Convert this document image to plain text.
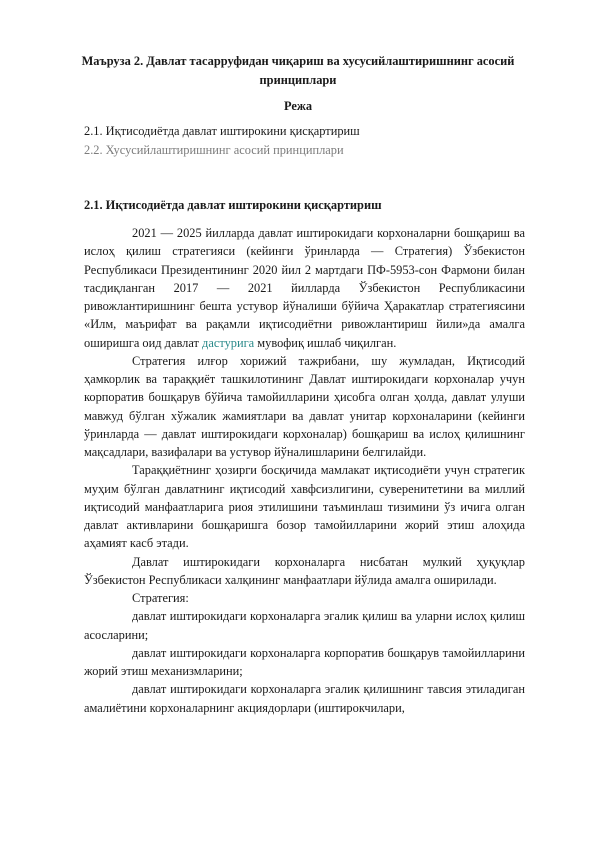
Маъруза 2. Давлат тасарруфидан чиқариш ва хусусийлаштиришнинг асосий принциплари
Режа
2.1. Иқтисодиётда давлат иштирокини қисқартириш
2.2. Хусусийлаштиришнинг асосий принциплари
2.1. Иқтисодиётда давлат иштирокини қисқартириш

2021 — 2025 йилларда давлат иштирокидаги корхоналарни бошқариш ва ислоҳ қилиш стратегияси (кейинги ўринларда — Стратегия) Ўзбекистон Республикаси Президентининг 2020 йил 2 мартдаги ПФ-5953-сон Фармони билан тасдиқланган 2017 — 2021 йилларда Ўзбекистон Республикасини ривожлантиришнинг бешта устувор йўналиши бўйича Ҳаракатлар стратегиясини «Илм, маърифат ва рақамли иқтисодиётни ривожлантириш йили»да амалга оширишга оид давлат дастурига мувофиқ ишлаб чиқилган.

Стратегия илғор хорижий тажрибани, шу жумладан, Иқтисодий ҳамкорлик ва тараққиёт ташкилотининг Давлат иштирокидаги корхоналар учун корпоратив бошқарув бўйича тамойилларини ҳисобга олган ҳолда, давлат улуши мавжуд бўлган хўжалик жамиятлари ва давлат унитар корхоналарини (кейинги ўринларда — давлат иштирокидаги корхоналар) бошқариш ва ислоҳ қилишнинг мақсадлари, вазифалари ва устувор йўналишларини белгилайди.

Тараққиётнинг ҳозирги босқичида мамлакат иқтисодиёти учун стратегик муҳим бўлган давлатнинг иқтисодий хавфсизлигини, суверенитетини ва миллий иқтисодий манфаатларига риоя этилишини таъминлаш тизимини ўз ичига олган давлат активларини бошқаришга бозор тамойилларини жорий этиш алоҳида аҳамият касб этади.

Давлат иштирокидаги корхоналарга нисбатан мулкий ҳуқуқлар Ўзбекистон Республикаси халқининг манфаатлари йўлида амалга оширилади.

Стратегия:

давлат иштирокидаги корхоналарга эгалик қилиш ва уларни ислоҳ қилиш асосларини;

давлат иштирокидаги корхоналарга корпоратив бошқарув тамойилларини жорий этиш механизмларини;

давлат иштирокидаги корхоналарга эгалик қилишнинг тавсия этиладиган амалиётини корхоналарнинг акциядорлари (иштирокчилари,
